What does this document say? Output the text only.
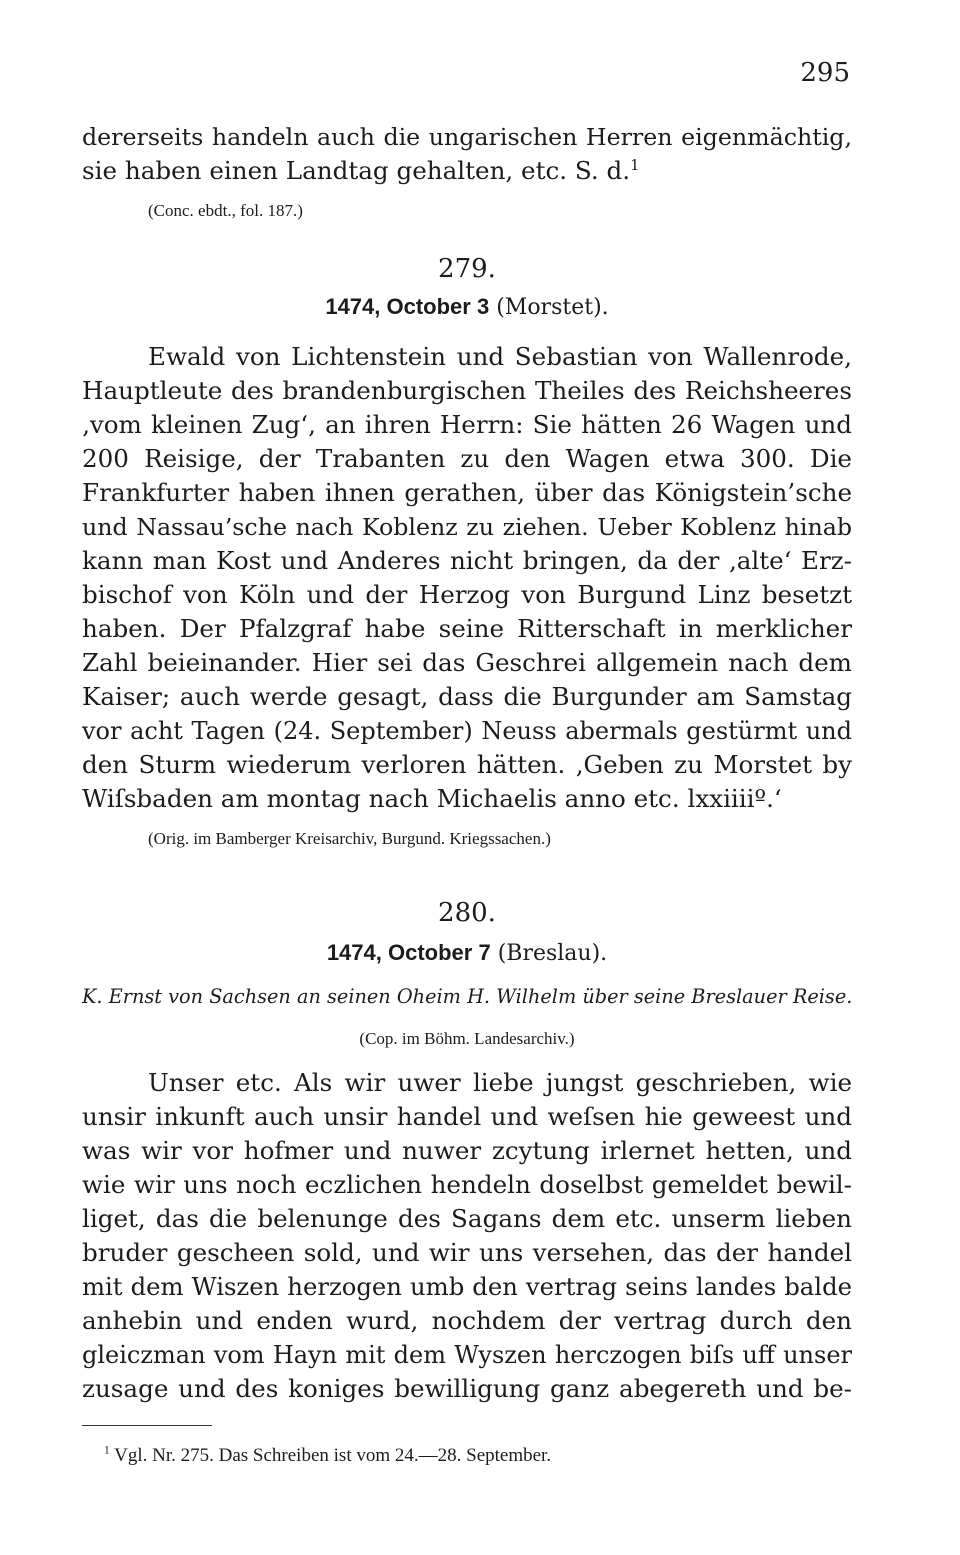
295
dererseits handeln auch die ungarischen Herren eigenmächtig,
sie haben einen Landtag gehalten, etc. S. d.$^1$
(Conc. ebdt., fol. 187.)
279.
1474, October 3 (Morstet).
Ewald von Lichtenstein und Sebastian von Wallenrode,
Hauptleute des brandenburgischen Theiles des Reichsheeres
‚vom kleinen Zug‘, an ihren Herrn: Sie hätten 26 Wagen und
200 Reisige, der Trabanten zu den Wagen etwa 300. Die
Frankfurter haben ihnen gerathen, über das Königstein’sche
und Nassau’sche nach Koblenz zu ziehen. Ueber Koblenz hinab
kann man Kost und Anderes nicht bringen, da der ‚alte‘ Erz-
bischof von Köln und der Herzog von Burgund Linz besetzt
haben. Der Pfalzgraf habe seine Ritterschaft in merklicher
Zahl beieinander. Hier sei das Geschrei allgemein nach dem
Kaiser; auch werde gesagt, dass die Burgunder am Samstag
vor acht Tagen (24. September) Neuss abermals gestürmt und
den Sturm wiederum verloren hätten. ‚Geben zu Morstet by
Wiſsbaden am montag nach Michaelis anno etc. lxxiiiiº.‘
(Orig. im Bamberger Kreisarchiv, Burgund. Kriegssachen.)
280.
1474, October 7 (Breslau).
K. Ernst von Sachsen an seinen Oheim H. Wilhelm über seine Breslauer Reise.
(Cop. im Böhm. Landesarchiv.)
Unser etc. Als wir uwer liebe jungst geschrieben, wie
unsir inkunft auch unsir handel und weſsen hie geweest und
was wir vor hofmer und nuwer zcytung irlernet hetten, und
wie wir uns noch eczlichen hendeln doselbst gemeldet bewil-
liget, das die belenunge des Sagans dem etc. unserm lieben
bruder gescheen sold, und wir uns versehen, das der handel
mit dem Wiszen herzogen umb den vertrag seins landes balde
anhebin und enden wurd, nochdem der vertrag durch den
gleiczman vom Hayn mit dem Wyszen herczogen biſs uff unser
zusage und des koniges bewilligung ganz abegereth und be-
$^1$ Vgl. Nr. 275. Das Schreiben ist vom 24.—28. September.
